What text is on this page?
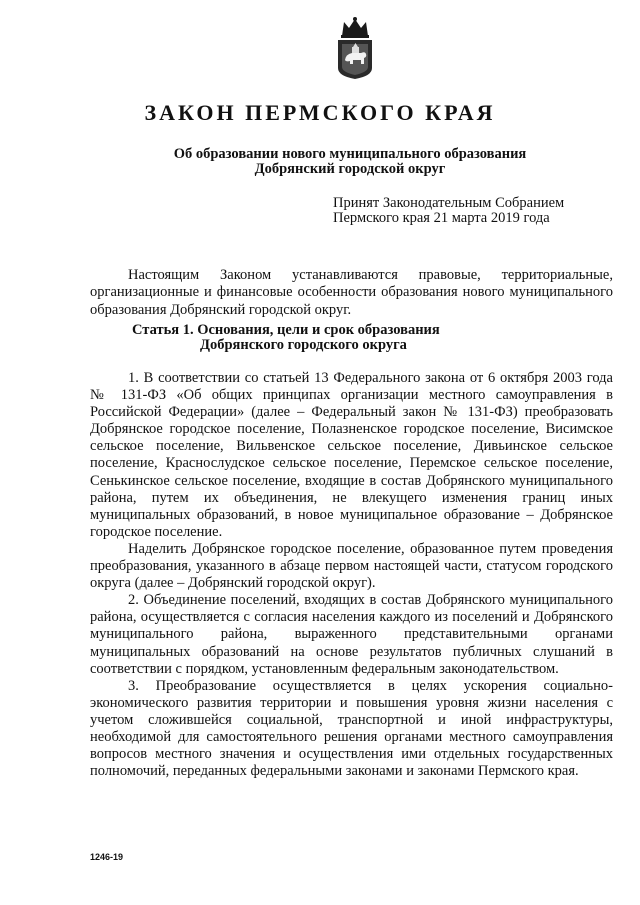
ЗАКОН ПЕРМСКОГО КРАЯ
Об образовании нового муниципального образования
Добрянский городской округ
Принят Законодательным Собранием
Пермского края 21 марта 2019 года

Настоящим Законом устанавливаются правовые, территориальные, организационные и финансовые особенности образования нового муниципального образования Добрянский городской округ.

Статья 1. Основания, цели и срок образования
Добрянского городского округа

1. В соответствии со статьей 13 Федерального закона от 6 октября 2003 года № 131-ФЗ «Об общих принципах организации местного самоуправления в Российской Федерации» (далее – Федеральный закон № 131-ФЗ) преобразовать Добрянское городское поселение, Полазненское городское поселение, Висимское сельское поселение, Вильвенское сельское поселение, Дивьинское сельское поселение, Краснослудское сельское поселение, Перемское сельское поселение, Сенькинское сельское поселение, входящие в состав Добрянского муниципального района, путем их объединения, не влекущего изменения границ иных муниципальных образований, в новое муниципальное образование – Добрянское городское поселение.

Наделить Добрянское городское поселение, образованное путем проведения преобразования, указанного в абзаце первом настоящей части, статусом городского округа (далее – Добрянский городской округ).

2. Объединение поселений, входящих в состав Добрянского муниципального района, осуществляется с согласия населения каждого из поселений и Добрянского муниципального района, выраженного представительными органами муниципальных образований на основе результатов публичных слушаний в соответствии с порядком, установленным федеральным законодательством.

3. Преобразование осуществляется в целях ускорения социально-экономического развития территории и повышения уровня жизни населения с учетом сложившейся социальной, транспортной и иной инфраструктуры, необходимой для самостоятельного решения органами местного самоуправления вопросов местного значения и осуществления ими отдельных государственных полномочий, переданных федеральными законами и законами Пермского края.

1246-19
